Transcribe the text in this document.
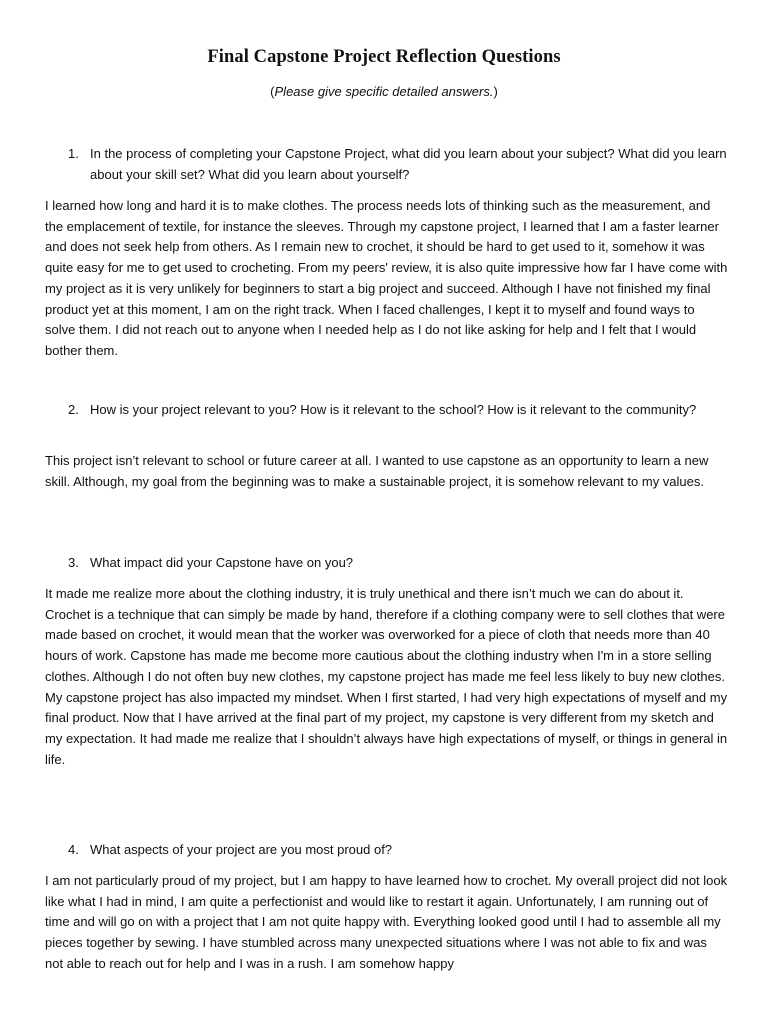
Final Capstone Project Reflection Questions
(Please give specific detailed answers.)
1. In the process of completing your Capstone Project, what did you learn about your subject? What did you learn about your skill set? What did you learn about yourself?

I learned how long and hard it is to make clothes. The process needs lots of thinking such as the measurement, and the emplacement of textile, for instance the sleeves. Through my capstone project, I learned that I am a faster learner and does not seek help from others. As I remain new to crochet, it should be hard to get used to it, somehow it was quite easy for me to get used to crocheting. From my peers' review, it is also quite impressive how far I have come with my project as it is very unlikely for beginners to start a big project and succeed. Although I have not finished my final product yet at this moment, I am on the right track. When I faced challenges, I kept it to myself and found ways to solve them. I did not reach out to anyone when I needed help as I do not like asking for help and I felt that I would bother them.

2. How is your project relevant to you? How is it relevant to the school? How is it relevant to the community?

This project isn’t relevant to school or future career at all. I wanted to use capstone as an opportunity to learn a new skill. Although, my goal from the beginning was to make a sustainable project, it is somehow relevant to my values.

3. What impact did your Capstone have on you?

It made me realize more about the clothing industry, it is truly unethical and there isn’t much we can do about it. Crochet is a technique that can simply be made by hand, therefore if a clothing company were to sell clothes that were made based on crochet, it would mean that the worker was overworked for a piece of cloth that needs more than 40 hours of work. Capstone has made me become more cautious about the clothing industry when I'm in a store selling clothes. Although I do not often buy new clothes, my capstone project has made me feel less likely to buy new clothes. My capstone project has also impacted my mindset. When I first started, I had very high expectations of myself and my final product. Now that I have arrived at the final part of my project, my capstone is very different from my sketch and my expectation. It had made me realize that I shouldn’t always have high expectations of myself, or things in general in life.

4. What aspects of your project are you most proud of?

I am not particularly proud of my project, but I am happy to have learned how to crochet. My overall project did not look like what I had in mind, I am quite a perfectionist and would like to restart it again. Unfortunately, I am running out of time and will go on with a project that I am not quite happy with. Everything looked good until I had to assemble all my pieces together by sewing. I have stumbled across many unexpected situations where I was not able to fix and was not able to reach out for help and I was in a rush. I am somehow happy
